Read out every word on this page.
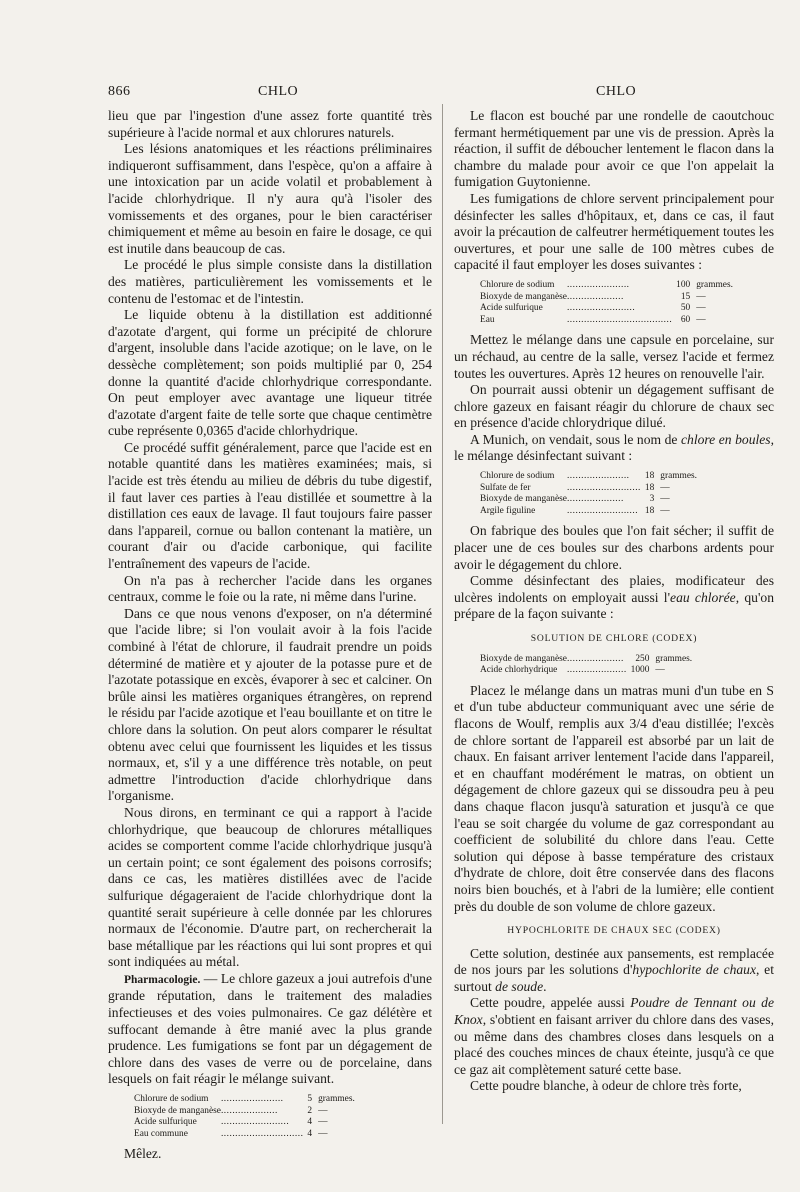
866	CHLO	CHLO

lieu que par l'ingestion d'une assez forte quantité très supérieure à l'acide normal et aux chlorures naturels.

Les lésions anatomiques et les réactions préliminaires indiqueront suffisamment, dans l'espèce, qu'on a affaire à une intoxication par un acide volatil et probablement à l'acide chlorhydrique. Il n'y aura qu'à l'isoler des vomissements et des organes, pour le bien caractériser chimiquement et même au besoin en faire le dosage, ce qui est inutile dans beaucoup de cas.

Le procédé le plus simple consiste dans la distillation des matières, particulièrement les vomissements et le contenu de l'estomac et de l'intestin.

Le liquide obtenu à la distillation est additionné d'azotate d'argent, qui forme un précipité de chlorure d'argent, insoluble dans l'acide azotique; on le lave, on le dessèche complètement; son poids multiplié par 0, 254 donne la quantité d'acide chlorhydrique correspondante. On peut employer avec avantage une liqueur titrée d'azotate d'argent faite de telle sorte que chaque centimètre cube représente 0,0365 d'acide chlorhydrique.

Ce procédé suffit généralement, parce que l'acide est en notable quantité dans les matières examinées; mais, si l'acide est très étendu au milieu de débris du tube digestif, il faut laver ces parties à l'eau distillée et soumettre à la distillation ces eaux de lavage. Il faut toujours faire passer dans l'appareil, cornue ou ballon contenant la matière, un courant d'air ou d'acide carbonique, qui facilite l'entraînement des vapeurs de l'acide.

On n'a pas à rechercher l'acide dans les organes centraux, comme le foie ou la rate, ni même dans l'urine.

Dans ce que nous venons d'exposer, on n'a déterminé que l'acide libre; si l'on voulait avoir à la fois l'acide combiné à l'état de chlorure, il faudrait prendre un poids déterminé de matière et y ajouter de la potasse pure et de l'azotate potassique en excès, évaporer à sec et calciner. On brûle ainsi les matières organiques étrangères, on reprend le résidu par l'acide azotique et l'eau bouillante et on titre le chlore dans la solution. On peut alors comparer le résultat obtenu avec celui que fournissent les liquides et les tissus normaux, et, s'il y a une différence très notable, on peut admettre l'introduction d'acide chlorhydrique dans l'organisme.

Nous dirons, en terminant ce qui a rapport à l'acide chlorhydrique, que beaucoup de chlorures métalliques acides se comportent comme l'acide chlorhydrique jusqu'à un certain point; ce sont également des poisons corrosifs; dans ce cas, les matières distillées avec de l'acide sulfurique dégageraient de l'acide chlorhydrique dont la quantité serait supérieure à celle donnée par les chlorures normaux de l'économie. D'autre part, on rechercherait la base métallique par les réactions qui lui sont propres et qui sont indiquées au métal.

Pharmacologie. — Le chlore gazeux a joui autrefois d'une grande réputation, dans le traitement des maladies infectieuses et des voies pulmonaires. Ce gaz délétère et suffocant demande à être manié avec la plus grande prudence. Les fumigations se font par un dégagement de chlore dans des vases de verre ou de porcelaine, dans lesquels on fait réagir le mélange suivant.

Chlorure de sodium	......................	5	grammes.
Bioxyde de manganèse	....................	2	—
Acide sulfurique	........................	4	—
Eau commune	.............................	4	—

Mêlez.

Le flacon est bouché par une rondelle de caoutchouc fermant hermétiquement par une vis de pression. Après la réaction, il suffit de déboucher lentement le flacon dans la chambre du malade pour avoir ce que l'on appelait la fumigation Guytonienne.

Les fumigations de chlore servent principalement pour désinfecter les salles d'hôpitaux, et, dans ce cas, il faut avoir la précaution de calfeutrer hermétiquement toutes les ouvertures, et pour une salle de 100 mètres cubes de capacité il faut employer les doses suivantes :

Chlorure de sodium	......................	100	grammes.
Bioxyde de manganèse	....................	15	—
Acide sulfurique	........................	50	—
Eau	.....................................	60	—

Mettez le mélange dans une capsule en porcelaine, sur un réchaud, au centre de la salle, versez l'acide et fermez toutes les ouvertures. Après 12 heures on renouvelle l'air.

On pourrait aussi obtenir un dégagement suffisant de chlore gazeux en faisant réagir du chlorure de chaux sec en présence d'acide chlorydrique dilué.

A Munich, on vendait, sous le nom de chlore en boules, le mélange désinfectant suivant :

Chlorure de sodium	......................	18	grammes.
Sulfate de fer	..........................	18	—
Bioxyde de manganèse	....................	3	—
Argile figuline	.........................	18	—

On fabrique des boules que l'on fait sécher; il suffit de placer une de ces boules sur des charbons ardents pour avoir le dégagement du chlore.

Comme désinfectant des plaies, modificateur des ulcères indolents on employait aussi l'eau chlorée, qu'on prépare de la façon suivante :

SOLUTION DE CHLORE (CODEX)
Bioxyde de manganèse	....................	250	grammes.
Acide chlorhydrique	.....................	1000	—

Placez le mélange dans un matras muni d'un tube en S et d'un tube abducteur communiquant avec une série de flacons de Woulf, remplis aux 3/4 d'eau distillée; l'excès de chlore sortant de l'appareil est absorbé par un lait de chaux. En faisant arriver lentement l'acide dans l'appareil, et en chauffant modérément le matras, on obtient un dégagement de chlore gazeux qui se dissoudra peu à peu dans chaque flacon jusqu'à saturation et jusqu'à ce que l'eau se soit chargée du volume de gaz correspondant au coefficient de solubilité du chlore dans l'eau. Cette solution qui dépose à basse température des cristaux d'hydrate de chlore, doit être conservée dans des flacons noirs bien bouchés, et à l'abri de la lumière; elle contient près du double de son volume de chlore gazeux.

HYPOCHLORITE DE CHAUX SEC (CODEX)

Cette solution, destinée aux pansements, est remplacée de nos jours par les solutions d'hypochlorite de chaux, et surtout de soude.

Cette poudre, appelée aussi Poudre de Tennant ou de Knox, s'obtient en faisant arriver du chlore dans des vases, ou même dans des chambres closes dans lesquels on a placé des couches minces de chaux éteinte, jusqu'à ce que ce gaz ait complètement saturé cette base.

Cette poudre blanche, à odeur de chlore très forte,
